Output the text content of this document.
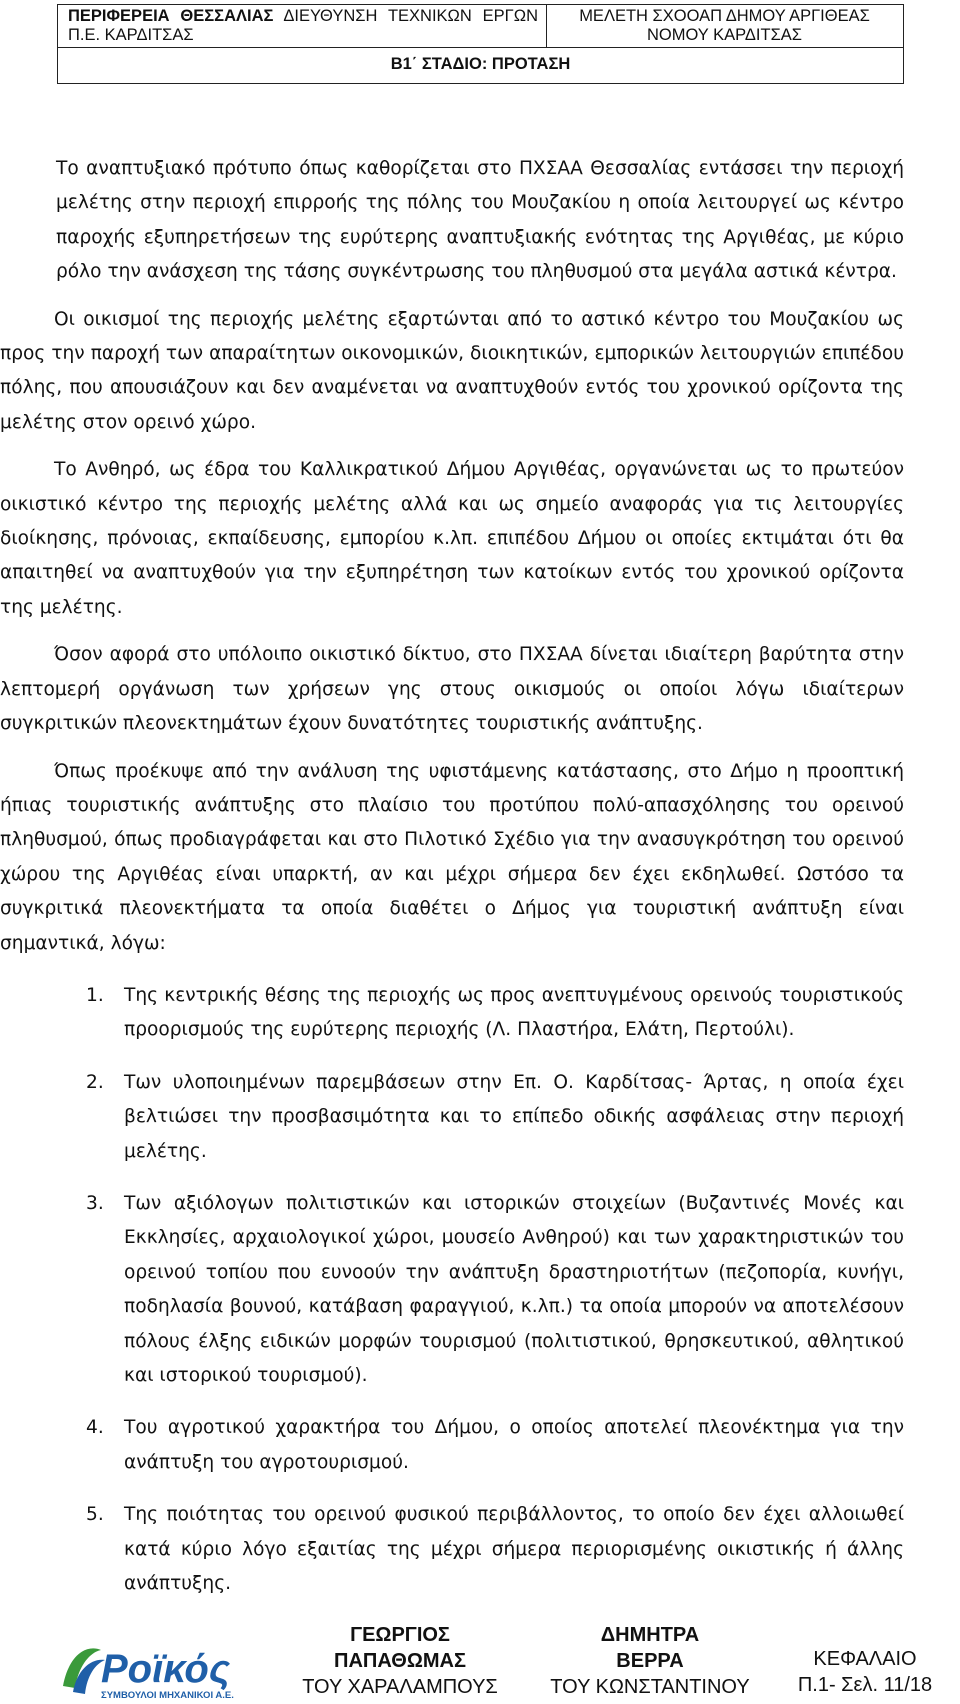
ΠΕΡΙΦΕΡΕΙΑ ΘΕΣΣΑΛΙΑΣ ΔΙΕΥΘΥΝΣΗ ΤΕΧΝΙΚΩΝ ΕΡΓΩΝ Π.Ε. ΚΑΡΔΙΤΣΑΣ
ΜΕΛΕΤΗ ΣΧΟΟΑΠ ΔΗΜΟΥ ΑΡΓΙΘΕΑΣ ΝΟΜΟΥ ΚΑΡΔΙΤΣΑΣ
Β1΄ ΣΤΑΔΙΟ: ΠΡΟΤΑΣΗ

Το αναπτυξιακό πρότυπο όπως καθορίζεται στο ΠΧΣΑΑ Θεσσαλίας εντάσσει την περιοχή μελέτης στην περιοχή επιρροής της πόλης του Μουζακίου η οποία λειτουργεί ως κέντρο παροχής εξυπηρετήσεων της ευρύτερης αναπτυξιακής ενότητας της Αργιθέας, με κύριο ρόλο την ανάσχεση της τάσης συγκέντρωσης του πληθυσμού στα μεγάλα αστικά κέντρα.

Οι οικισμοί της περιοχής μελέτης εξαρτώνται από το αστικό κέντρο του Μουζακίου ως προς την παροχή των απαραίτητων οικονομικών, διοικητικών, εμπορικών λειτουργιών επιπέδου πόλης, που απουσιάζουν και δεν αναμένεται να αναπτυχθούν εντός του χρονικού ορίζοντα της μελέτης στον ορεινό χώρο.

Το Ανθηρό, ως έδρα του Καλλικρατικού Δήμου Αργιθέας, οργανώνεται ως το πρωτεύον οικιστικό κέντρο της περιοχής μελέτης αλλά και ως σημείο αναφοράς για τις λειτουργίες διοίκησης, πρόνοιας, εκπαίδευσης, εμπορίου κ.λπ. επιπέδου Δήμου οι οποίες εκτιμάται ότι θα απαιτηθεί να αναπτυχθούν για την εξυπηρέτηση των κατοίκων εντός του χρονικού ορίζοντα της μελέτης.

Όσον αφορά στο υπόλοιπο οικιστικό δίκτυο, στο ΠΧΣΑΑ δίνεται ιδιαίτερη βαρύτητα στην λεπτομερή οργάνωση των χρήσεων γης στους οικισμούς οι οποίοι λόγω ιδιαίτερων συγκριτικών πλεονεκτημάτων έχουν δυνατότητες τουριστικής ανάπτυξης.

Όπως προέκυψε από την ανάλυση της υφιστάμενης κατάστασης, στο Δήμο η προοπτική ήπιας τουριστικής ανάπτυξης στο πλαίσιο του προτύπου πολύ-απασχόλησης του ορεινού πληθυσμού, όπως προδιαγράφεται και στο Πιλοτικό Σχέδιο για την ανασυγκρότηση του ορεινού χώρου της Αργιθέας είναι υπαρκτή, αν και μέχρι σήμερα δεν έχει εκδηλωθεί. Ωστόσο τα συγκριτικά πλεονεκτήματα τα οποία διαθέτει ο Δήμος για τουριστική ανάπτυξη είναι σημαντικά, λόγω:

1. Της κεντρικής θέσης της περιοχής ως προς ανεπτυγμένους ορεινούς τουριστικούς προορισμούς της ευρύτερης περιοχής (Λ. Πλαστήρα, Ελάτη, Περτούλι).
2. Των υλοποιημένων παρεμβάσεων στην Επ. Ο. Καρδίτσας- Άρτας, η οποία έχει βελτιώσει την προσβασιμότητα και το επίπεδο οδικής ασφάλειας στην περιοχή μελέτης.
3. Των αξιόλογων πολιτιστικών και ιστορικών στοιχείων (Βυζαντινές Μονές και Εκκλησίες, αρχαιολογικοί χώροι, μουσείο Ανθηρού) και των χαρακτηριστικών του ορεινού τοπίου που ευνοούν την ανάπτυξη δραστηριοτήτων (πεζοπορία, κυνήγι, ποδηλασία βουνού, κατάβαση φαραγγιού, κ.λπ.) τα οποία μπορούν να αποτελέσουν πόλους έλξης ειδικών μορφών τουρισμού (πολιτιστικού, θρησκευτικού, αθλητικού και ιστορικού τουρισμού).
4. Του αγροτικού χαρακτήρα του Δήμου, ο οποίος αποτελεί πλεονέκτημα για την ανάπτυξη του αγροτουρισμού.
5. Της ποιότητας του ορεινού φυσικού περιβάλλοντος, το οποίο δεν έχει αλλοιωθεί κατά κύριο λόγο εξαιτίας της μέχρι σήμερα περιορισμένης οικιστικής ή άλλης ανάπτυξης.
Ροϊκός
ΣΥΜΒΟΥΛΟΙ ΜΗΧΑΝΙΚΟΙ Α.Ε.
ΓΕΩΡΓΙΟΣ
ΠΑΠΑΘΩΜΑΣ
ΤΟΥ ΧΑΡΑΛΑΜΠΟΥΣ
ΔΗΜΗΤΡΑ
ΒΕΡΡΑ
ΤΟΥ ΚΩΝΣΤΑΝΤΙΝΟΥ
ΚΕΦΑΛΑΙΟ
Π.1- Σελ. 11/18
